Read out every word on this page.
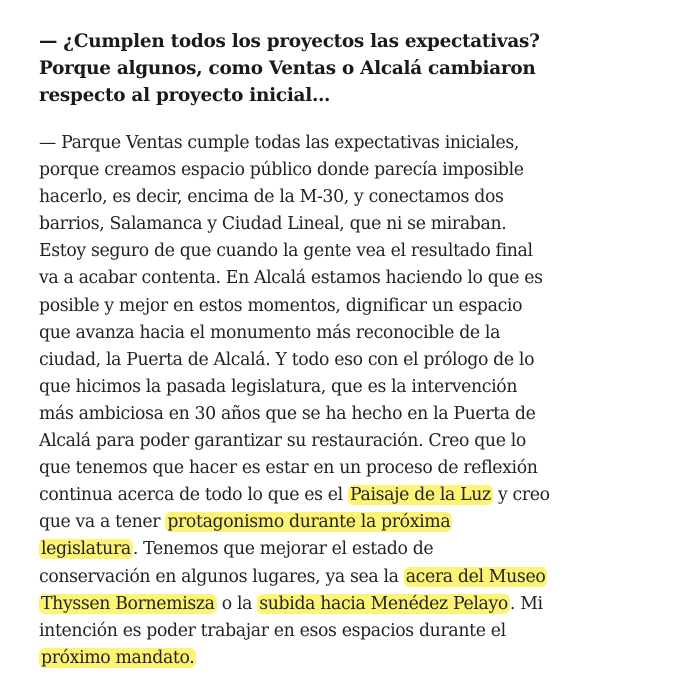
— ¿Cumplen todos los proyectos las expectativas?
Porque algunos, como Ventas o Alcalá cambiaron
respecto al proyecto inicial…

— Parque Ventas cumple todas las expectativas iniciales,
porque creamos espacio público donde parecía imposible
hacerlo, es decir, encima de la M-30, y conectamos dos
barrios, Salamanca y Ciudad Lineal, que ni se miraban.
Estoy seguro de que cuando la gente vea el resultado final
va a acabar contenta. En Alcalá estamos haciendo lo que es
posible y mejor en estos momentos, dignificar un espacio
que avanza hacia el monumento más reconocible de la
ciudad, la Puerta de Alcalá. Y todo eso con el prólogo de lo
que hicimos la pasada legislatura, que es la intervención
más ambiciosa en 30 años que se ha hecho en la Puerta de
Alcalá para poder garantizar su restauración. Creo que lo
que tenemos que hacer es estar en un proceso de reflexión
continua acerca de todo lo que es el Paisaje de la Luz y creo
que va a tener protagonismo durante la próxima
legislatura . Tenemos que mejorar el estado de
conservación en algunos lugares, ya sea la acera del Museo
Thyssen Bornemisza o la subida hacia Menédez Pelayo . Mi
intención es poder trabajar en esos espacios durante el
próximo mandato.
